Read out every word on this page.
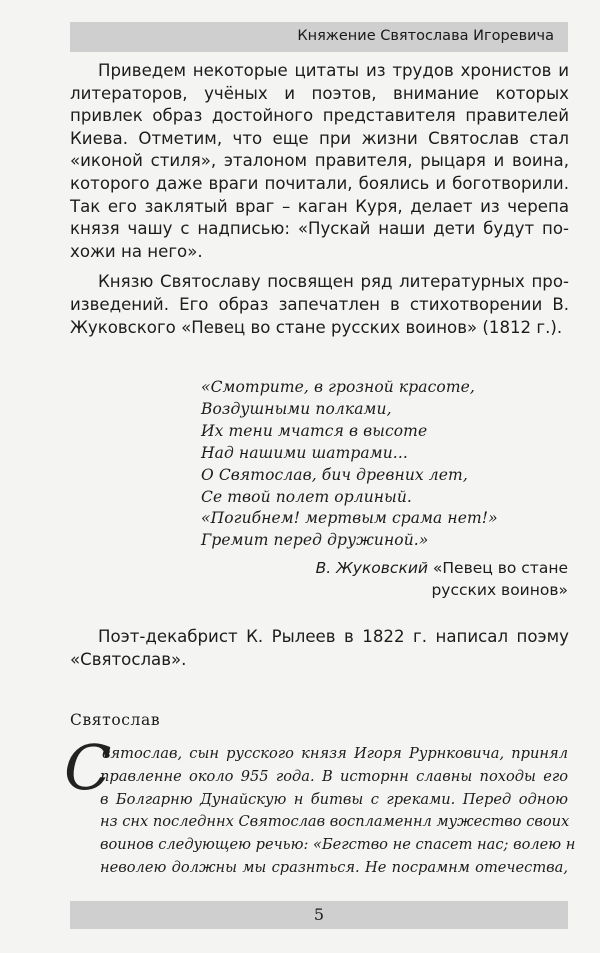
Княжение Святослава Игоревича

Приведем некоторые цитаты из трудов хронистов и литераторов, учёных и поэтов, внимание которых привлек образ достойного представителя правителей Киева. Отметим, что еще при жизни Святослав стал «иконой стиля», эталоном правителя, рыцаря и воина, которого даже враги почитали, боялись и боготворили. Так его заклятый враг – каган Куря, делает из черепа князя чашу с надписью: «Пускай наши дети будут похожи на него».

Князю Святославу посвящен ряд литературных произведений. Его образ запечатлен в стихотворении В. Жуковского «Певец во стане русских воинов» (1812 г.).

«Смотрите, в грозной красоте,
Воздушными полками,
Их тени мчатся в высоте
Над нашими шатрами...
О Святослав, бич древних лет,
Се твой полет орлиный.
«Погибнем! мертвым срама нет!»
Гремит перед дружиной.»
В. Жуковский «Певец во стане
русских воинов»
Поэт-декабрист К. Рылеев в 1822 г. написал поэму «Святослав».
Святослав
С
вятослав, сын русского князя Игоря Рурнковича, принял
правленне около 955 года. В исторнн славны походы его
в Болгарню Дунайскую н битвы с греками. Перед одною
нз снх последннх Святослав воспламеннл мужество своих
воинов следующею речью: «Бегство не спасет нас; волею н
неволею должны мы сразнться. Не посрамнм отечества,
5
